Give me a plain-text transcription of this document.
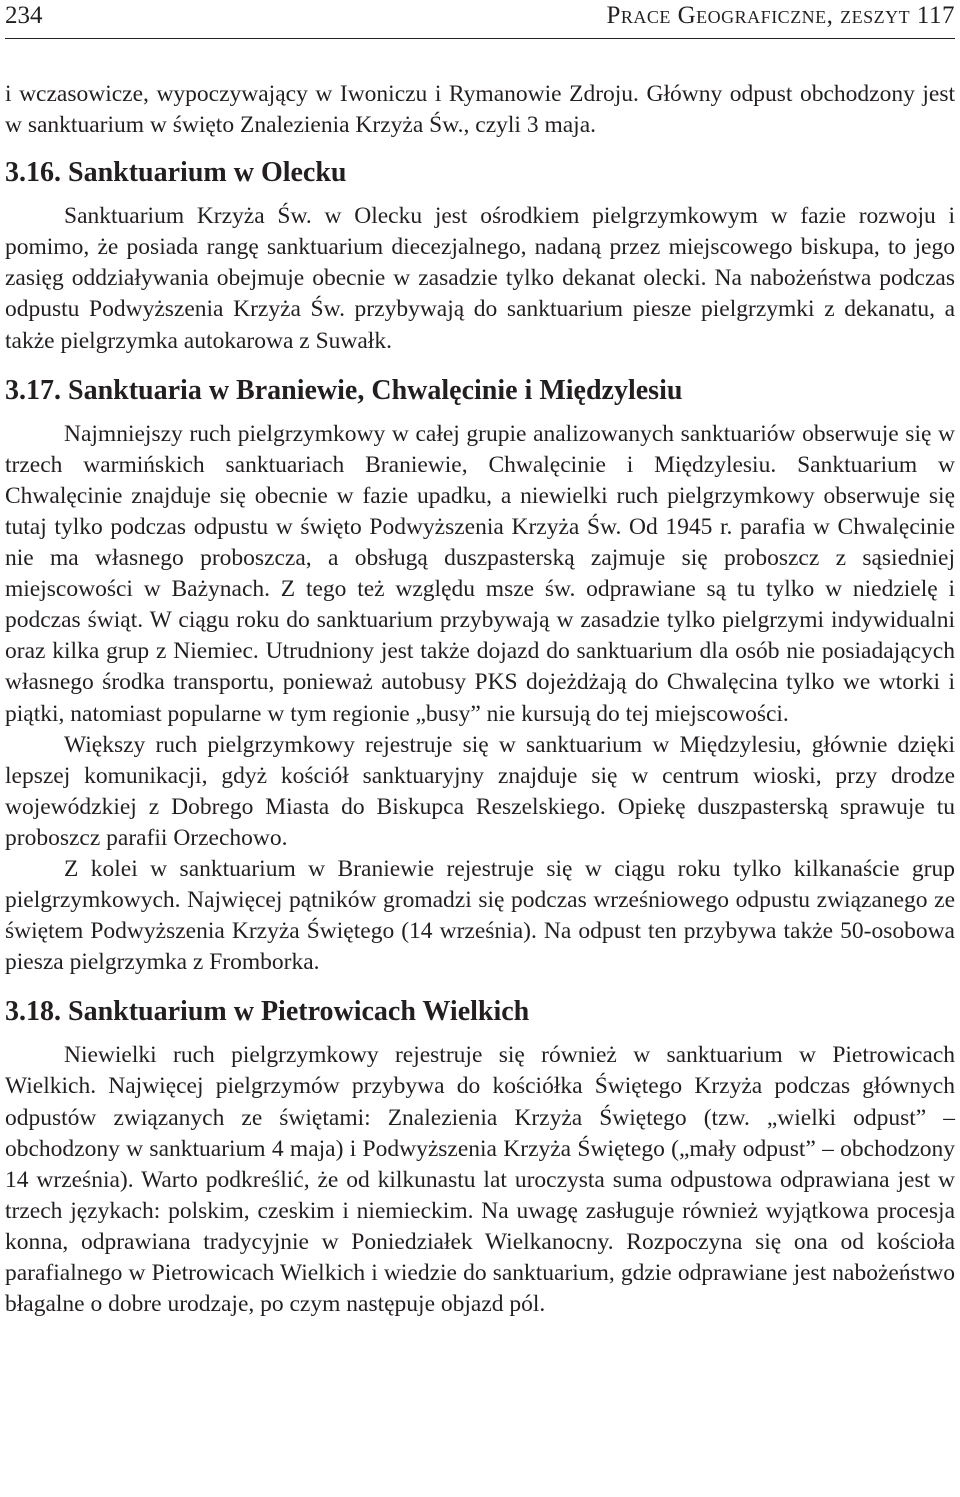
234	Prace Geograficzne, zeszyt 117

i wczasowicze, wypoczywający w Iwoniczu i Rymanowie Zdroju. Główny odpust obchodzony jest w sanktuarium w święto Znalezienia Krzyża Św., czyli 3 maja.

3.16. Sanktuarium w Olecku

Sanktuarium Krzyża Św. w Olecku jest ośrodkiem pielgrzymkowym w fazie rozwoju i pomimo, że posiada rangę sanktuarium diecezjalnego, nadaną przez miejscowego biskupa, to jego zasięg oddziaływania obejmuje obecnie w zasadzie tylko dekanat olecki. Na nabożeństwa podczas odpustu Podwyższenia Krzyża Św. przybywają do sanktuarium piesze pielgrzymki z dekanatu, a także pielgrzymka autokarowa z Suwałk.

3.17. Sanktuaria w Braniewie, Chwalęcinie i Międzylesiu

Najmniejszy ruch pielgrzymkowy w całej grupie analizowanych sanktuariów obserwuje się w trzech warmińskich sanktuariach Braniewie, Chwalęcinie i Międzylesiu. Sanktuarium w Chwalęcinie znajduje się obecnie w fazie upadku, a niewielki ruch pielgrzymkowy obserwuje się tutaj tylko podczas odpustu w święto Podwyższenia Krzyża Św. Od 1945 r. parafia w Chwalęcinie nie ma własnego proboszcza, a obsługą duszpasterską zajmuje się proboszcz z sąsiedniej miejscowości w Bażynach. Z tego też względu msze św. odprawiane są tu tylko w niedzielę i podczas świąt. W ciągu roku do sanktuarium przybywają w zasadzie tylko pielgrzymi indywidualni oraz kilka grup z Niemiec. Utrudniony jest także dojazd do sanktuarium dla osób nie posiadających własnego środka transportu, ponieważ autobusy PKS dojeżdżają do Chwalęcina tylko we wtorki i piątki, natomiast popularne w tym regionie „busy” nie kursują do tej miejscowości.

Większy ruch pielgrzymkowy rejestruje się w sanktuarium w Międzylesiu, głównie dzięki lepszej komunikacji, gdyż kościół sanktuaryjny znajduje się w centrum wioski, przy drodze wojewódzkiej z Dobrego Miasta do Biskupca Reszelskiego. Opiekę duszpasterską sprawuje tu proboszcz parafii Orzechowo.

Z kolei w sanktuarium w Braniewie rejestruje się w ciągu roku tylko kilkanaście grup pielgrzymkowych. Najwięcej pątników gromadzi się podczas wrześniowego odpustu związanego ze świętem Podwyższenia Krzyża Świętego (14 września). Na odpust ten przybywa także 50-osobowa piesza pielgrzymka z Fromborka.

3.18. Sanktuarium w Pietrowicach Wielkich

Niewielki ruch pielgrzymkowy rejestruje się również w sanktuarium w Pietrowicach Wielkich. Najwięcej pielgrzymów przybywa do kościółka Świętego Krzyża podczas głównych odpustów związanych ze świętami: Znalezienia Krzyża Świętego (tzw. „wielki odpust” – obchodzony w sanktuarium 4 maja) i Podwyższenia Krzyża Świętego („mały odpust” – obchodzony 14 września). Warto podkreślić, że od kilkunastu lat uroczysta suma odpustowa odprawiana jest w trzech językach: polskim, czeskim i niemieckim. Na uwagę zasługuje również wyjątkowa procesja konna, odprawiana tradycyjnie w Poniedziałek Wielkanocny. Rozpoczyna się ona od kościoła parafialnego w Pietrowicach Wielkich i wiedzie do sanktuarium, gdzie odprawiane jest nabożeństwo błagalne o dobre urodzaje, po czym następuje objazd pól.
